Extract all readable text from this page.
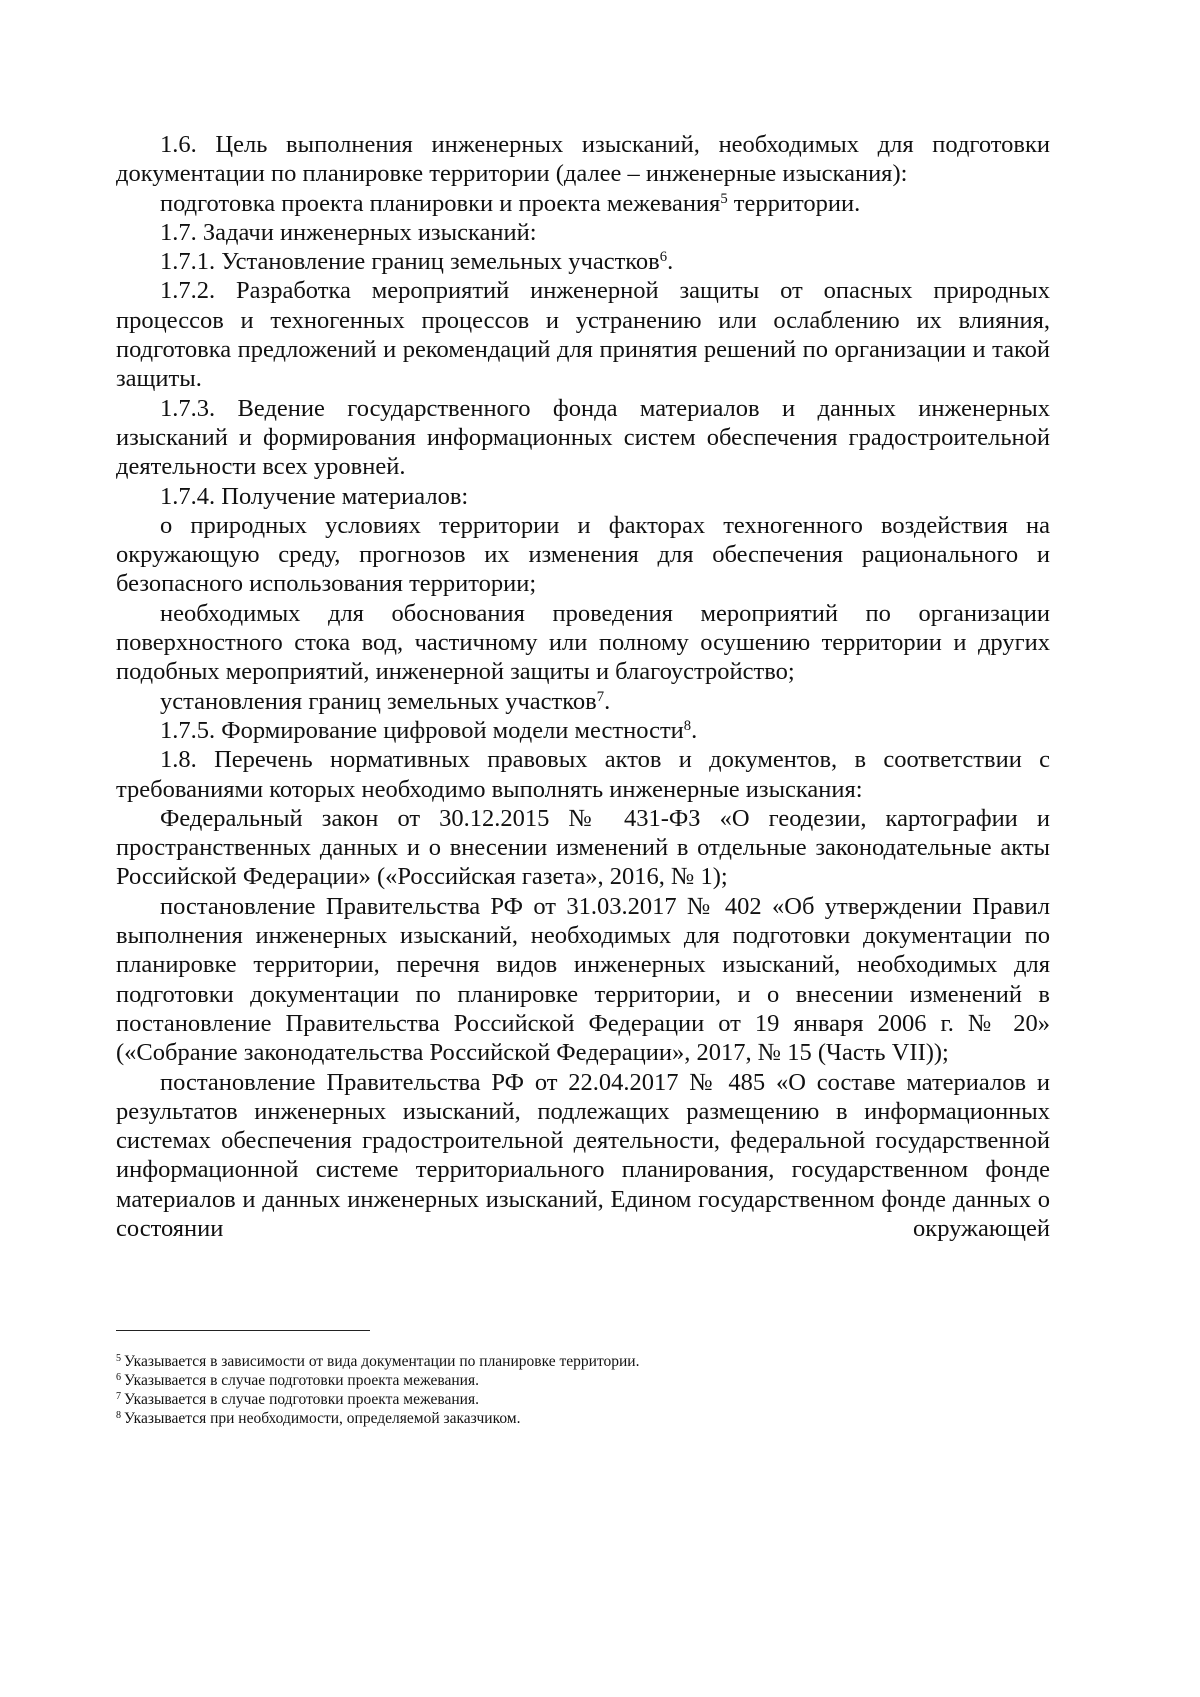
1.6. Цель выполнения инженерных изысканий, необходимых для подготовки документации по планировке территории (далее – инженерные изыскания):

подготовка проекта планировки и проекта межевания$^5$ территории.

1.7. Задачи инженерных изысканий:

1.7.1. Установление границ земельных участков$^6$.

1.7.2. Разработка мероприятий инженерной защиты от опасных природных процессов и техногенных процессов и устранению или ослаблению их влияния, подготовка предложений и рекомендаций для принятия решений по организации и такой защиты.

1.7.3. Ведение государственного фонда материалов и данных инженерных изысканий и формирования информационных систем обеспечения градостроительной деятельности всех уровней.

1.7.4. Получение материалов:

о природных условиях территории и факторах техногенного воздействия на окружающую среду, прогнозов их изменения для обеспечения рационального и безопасного использования территории;

необходимых для обоснования проведения мероприятий по организации поверхностного стока вод, частичному или полному осушению территории и других подобных мероприятий, инженерной защиты и благоустройство;

установления границ земельных участков$^7$.

1.7.5. Формирование цифровой модели местности$^8$.

1.8. Перечень нормативных правовых актов и документов, в соответствии с требованиями которых необходимо выполнять инженерные изыскания:

Федеральный закон от 30.12.2015 № 431-ФЗ «О геодезии, картографии и пространственных данных и о внесении изменений в отдельные законодательные акты Российской Федерации» («Российская газета», 2016, № 1);

постановление Правительства РФ от 31.03.2017 № 402 «Об утверждении Правил выполнения инженерных изысканий, необходимых для подготовки документации по планировке территории, перечня видов инженерных изысканий, необходимых для подготовки документации по планировке территории, и о внесении изменений в постановление Правительства Российской Федерации от 19 января 2006 г. № 20» («Собрание законодательства Российской Федерации», 2017, № 15 (Часть VII));

постановление Правительства РФ от 22.04.2017 № 485 «О составе материалов и результатов инженерных изысканий, подлежащих размещению в информационных системах обеспечения градостроительной деятельности, федеральной государственной информационной системе территориального планирования, государственном фонде материалов и данных инженерных изысканий, Едином государственном фонде данных о состоянии окружающей

$^5$ Указывается в зависимости от вида документации по планировке территории.

$^6$ Указывается в случае подготовки проекта межевания.

$^7$ Указывается в случае подготовки проекта межевания.

$^8$ Указывается при необходимости, определяемой заказчиком.
